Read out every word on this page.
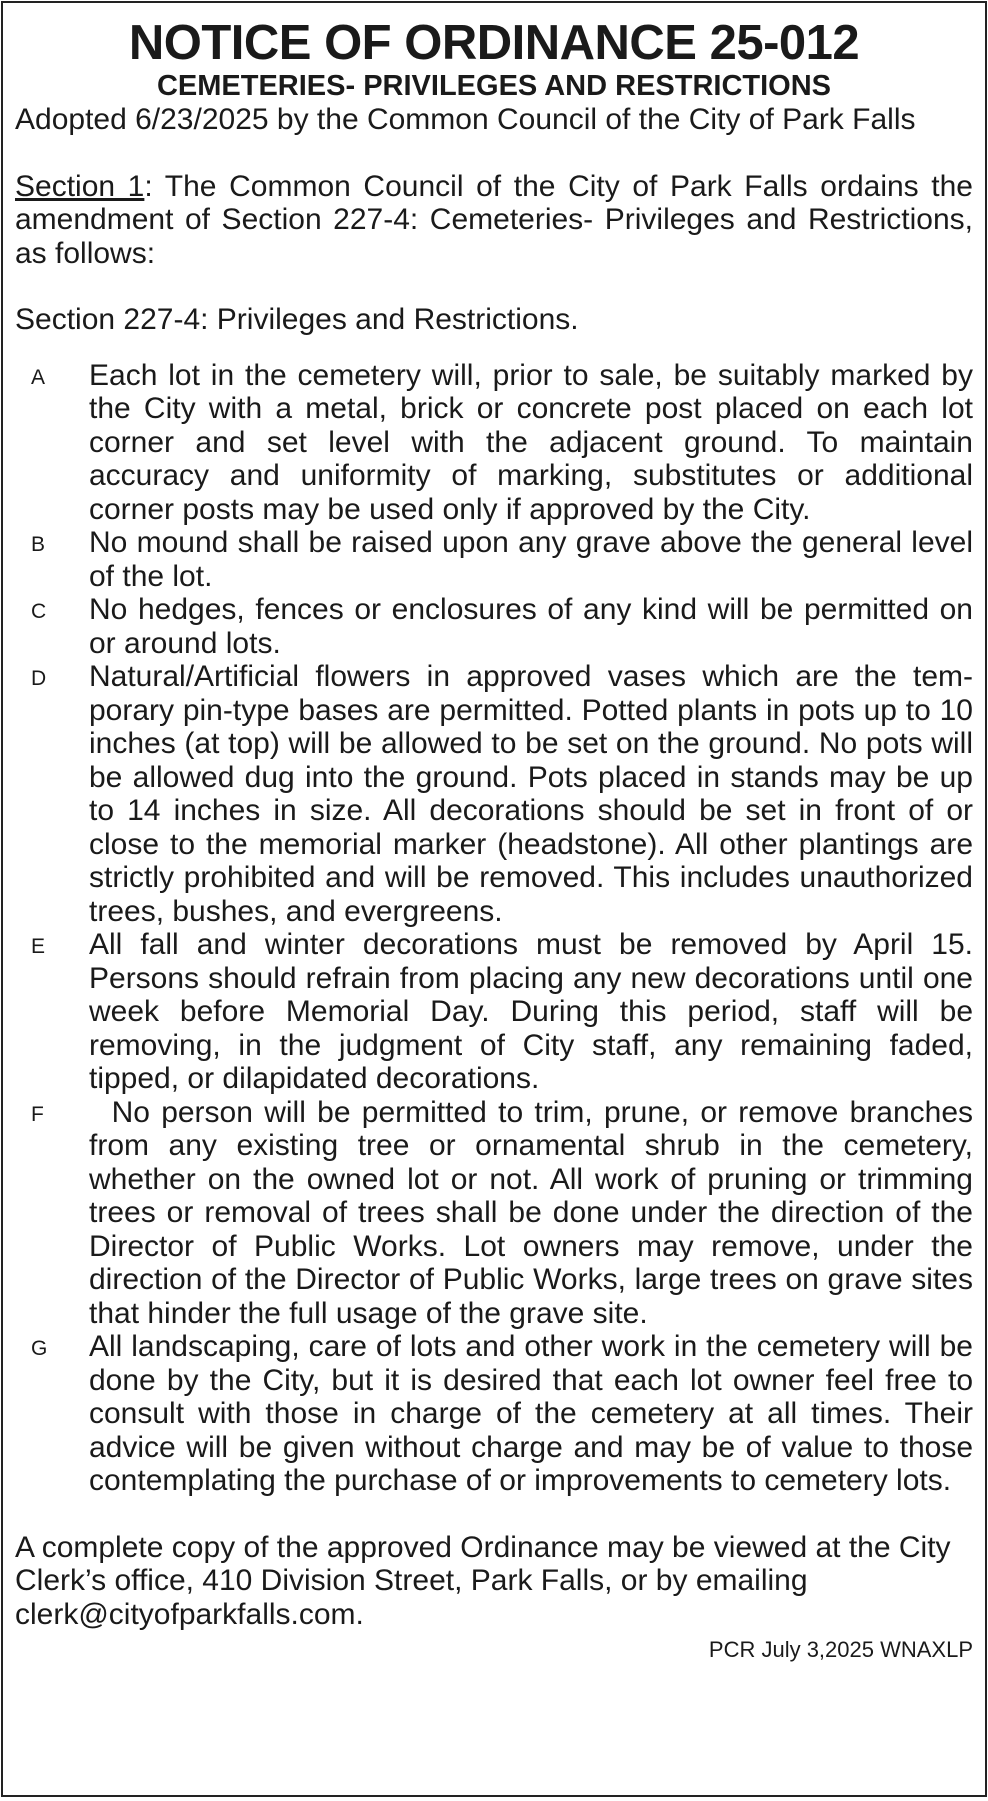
NOTICE OF ORDINANCE 25-012
CEMETERIES- PRIVILEGES AND RESTRICTIONS

Adopted 6/23/2025 by the Common Council of the City of Park Falls

Section 1: The Common Council of the City of Park Falls ordains the amendment of Section 227-4: Cemeteries- Privileges and Restrictions, as follows:

Section 227-4: Privileges and Restrictions.

A	Each lot in the cemetery will, prior to sale, be suitably marked by the City with a metal, brick or concrete post placed on each lot corner and set level with the adjacent ground. To maintain accuracy and uniformity of marking, substitutes or additional corner posts may be used only if approved by the City.
B	No mound shall be raised upon any grave above the general level of the lot.
C	No hedges, fences or enclosures of any kind will be permitted on or around lots.
D	Natural/Artificial flowers in approved vases which are the temporary pin-type bases are permitted. Potted plants in pots up to 10 inches (at top) will be allowed to be set on the ground. No pots will be allowed dug into the ground. Pots placed in stands may be up to 14 inches in size. All decorations should be set in front of or close to the memorial marker (headstone). All other plantings are strictly prohibited and will be removed. This includes unauthorized trees, bushes, and evergreens.
E	All fall and winter decorations must be removed by April 15. Persons should refrain from placing any new decorations until one week before Memorial Day. During this period, staff will be removing, in the judgment of City staff, any remaining faded, tipped, or dilapidated decorations.
F	No person will be permitted to trim, prune, or remove branches from any existing tree or ornamental shrub in the cemetery, whether on the owned lot or not. All work of pruning or trimming trees or removal of trees shall be done under the direction of the Director of Public Works. Lot owners may remove, under the direction of the Director of Public Works, large trees on grave sites that hinder the full usage of the grave site.
G	All landscaping, care of lots and other work in the cemetery will be done by the City, but it is desired that each lot owner feel free to consult with those in charge of the cemetery at all times. Their advice will be given without charge and may be of value to those contemplating the purchase of or improvements to cemetery lots.

A complete copy of the approved Ordinance may be viewed at the City Clerk’s office, 410 Division Street, Park Falls, or by emailing clerk@cityofparkfalls.com.

PCR July 3,2025 WNAXLP
